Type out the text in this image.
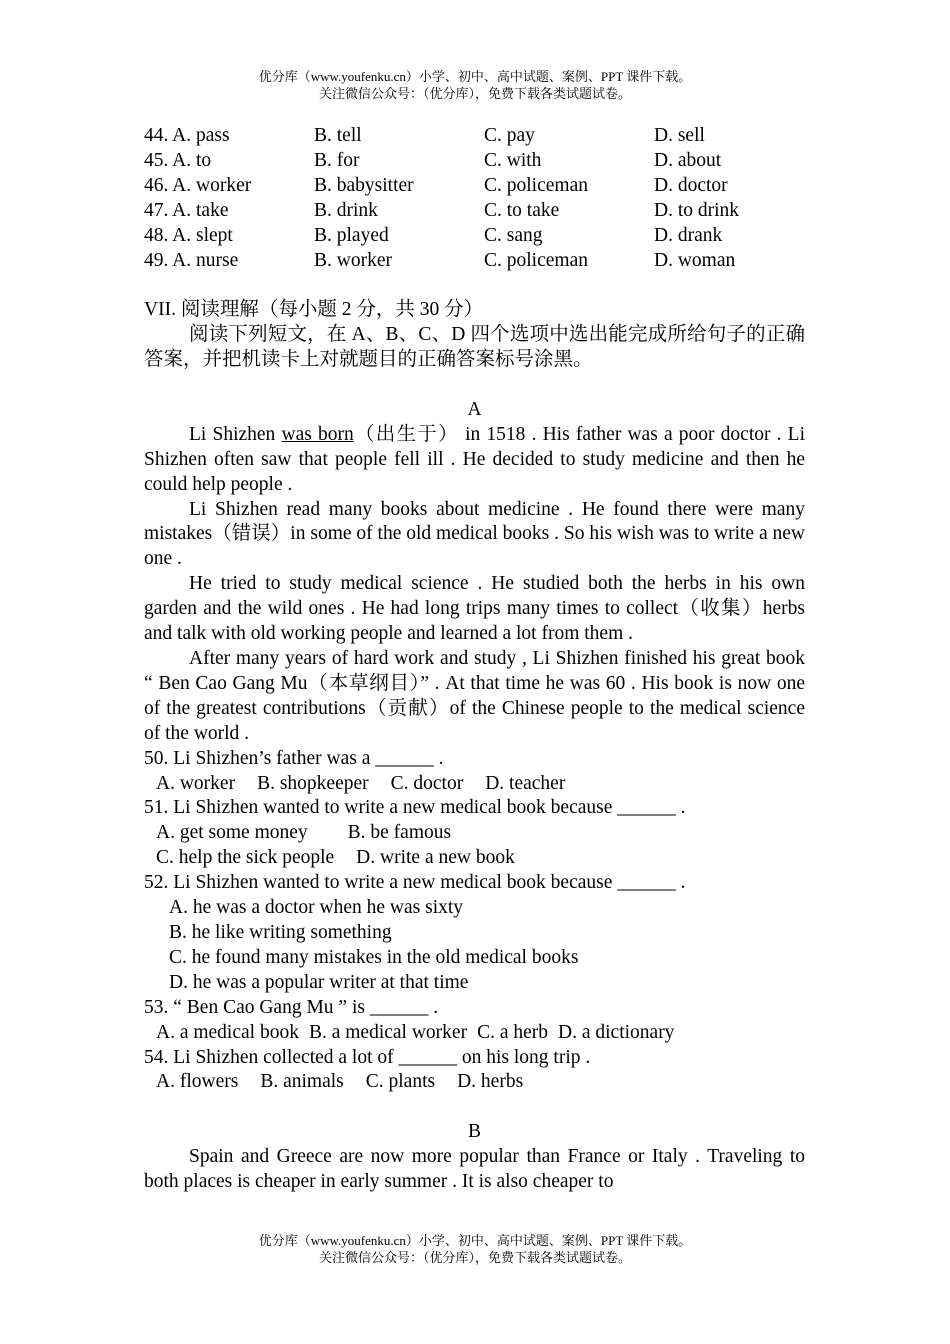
优分库（www.youfenku.cn）小学、初中、高中试题、案例、PPT 课件下载。
关注微信公众号：（优分库），免费下载各类试题试卷。
44. A. pass	B. tell	C. pay	D. sell
45. A. to	B. for	C. with	D. about
46. A. worker	B. babysitter	C. policeman	D. doctor
47. A. take	B. drink	C. to take	D. to drink
48. A. slept	B. played	C. sang	D. drank
49. A. nurse	B. worker	C. policeman	D. woman
VII. 阅读理解（每小题 2 分，共 30 分）
阅读下列短文，在 A、B、C、D 四个选项中选出能完成所给句子的正确答案，并把机读卡上对就题目的正确答案标号涂黑。
A
Li Shizhen was born（出生于） in 1518 . His father was a poor doctor . Li Shizhen often saw that people fell ill . He decided to study medicine and then he could help people .
Li Shizhen read many books about medicine . He found there were many mistakes（错误）in some of the old medical books . So his wish was to write a new one .
He tried to study medical science . He studied both the herbs in his own garden and the wild ones . He had long trips many times to collect（收集）herbs and talk with old working people and learned a lot from them .
After many years of hard work and study , Li Shizhen finished his great book “ Ben Cao Gang Mu（本草纲目）” . At that time he was 60 . His book is now one of the greatest contributions（贡献）of the Chinese people to the medical science of the world .
50. Li Shizhen’s father was a ______ .
A. worker B. shopkeeper C. doctor D. teacher
51. Li Shizhen wanted to write a new medical book because ______ .
A. get some money B. be famous
C. help the sick people D. write a new book
52. Li Shizhen wanted to write a new medical book because ______ .
A. he was a doctor when he was sixty
B. he like writing something
C. he found many mistakes in the old medical books
D. he was a popular writer at that time
53. “ Ben Cao Gang Mu ” is ______ .
A. a medical book B. a medical worker C. a herb D. a dictionary
54. Li Shizhen collected a lot of ______ on his long trip .
A. flowers B. animals C. plants D. herbs
B
Spain and Greece are now more popular than France or Italy . Traveling to both places is cheaper in early summer . It is also cheaper to
优分库（www.youfenku.cn）小学、初中、高中试题、案例、PPT 课件下载。
关注微信公众号：（优分库），免费下载各类试题试卷。
